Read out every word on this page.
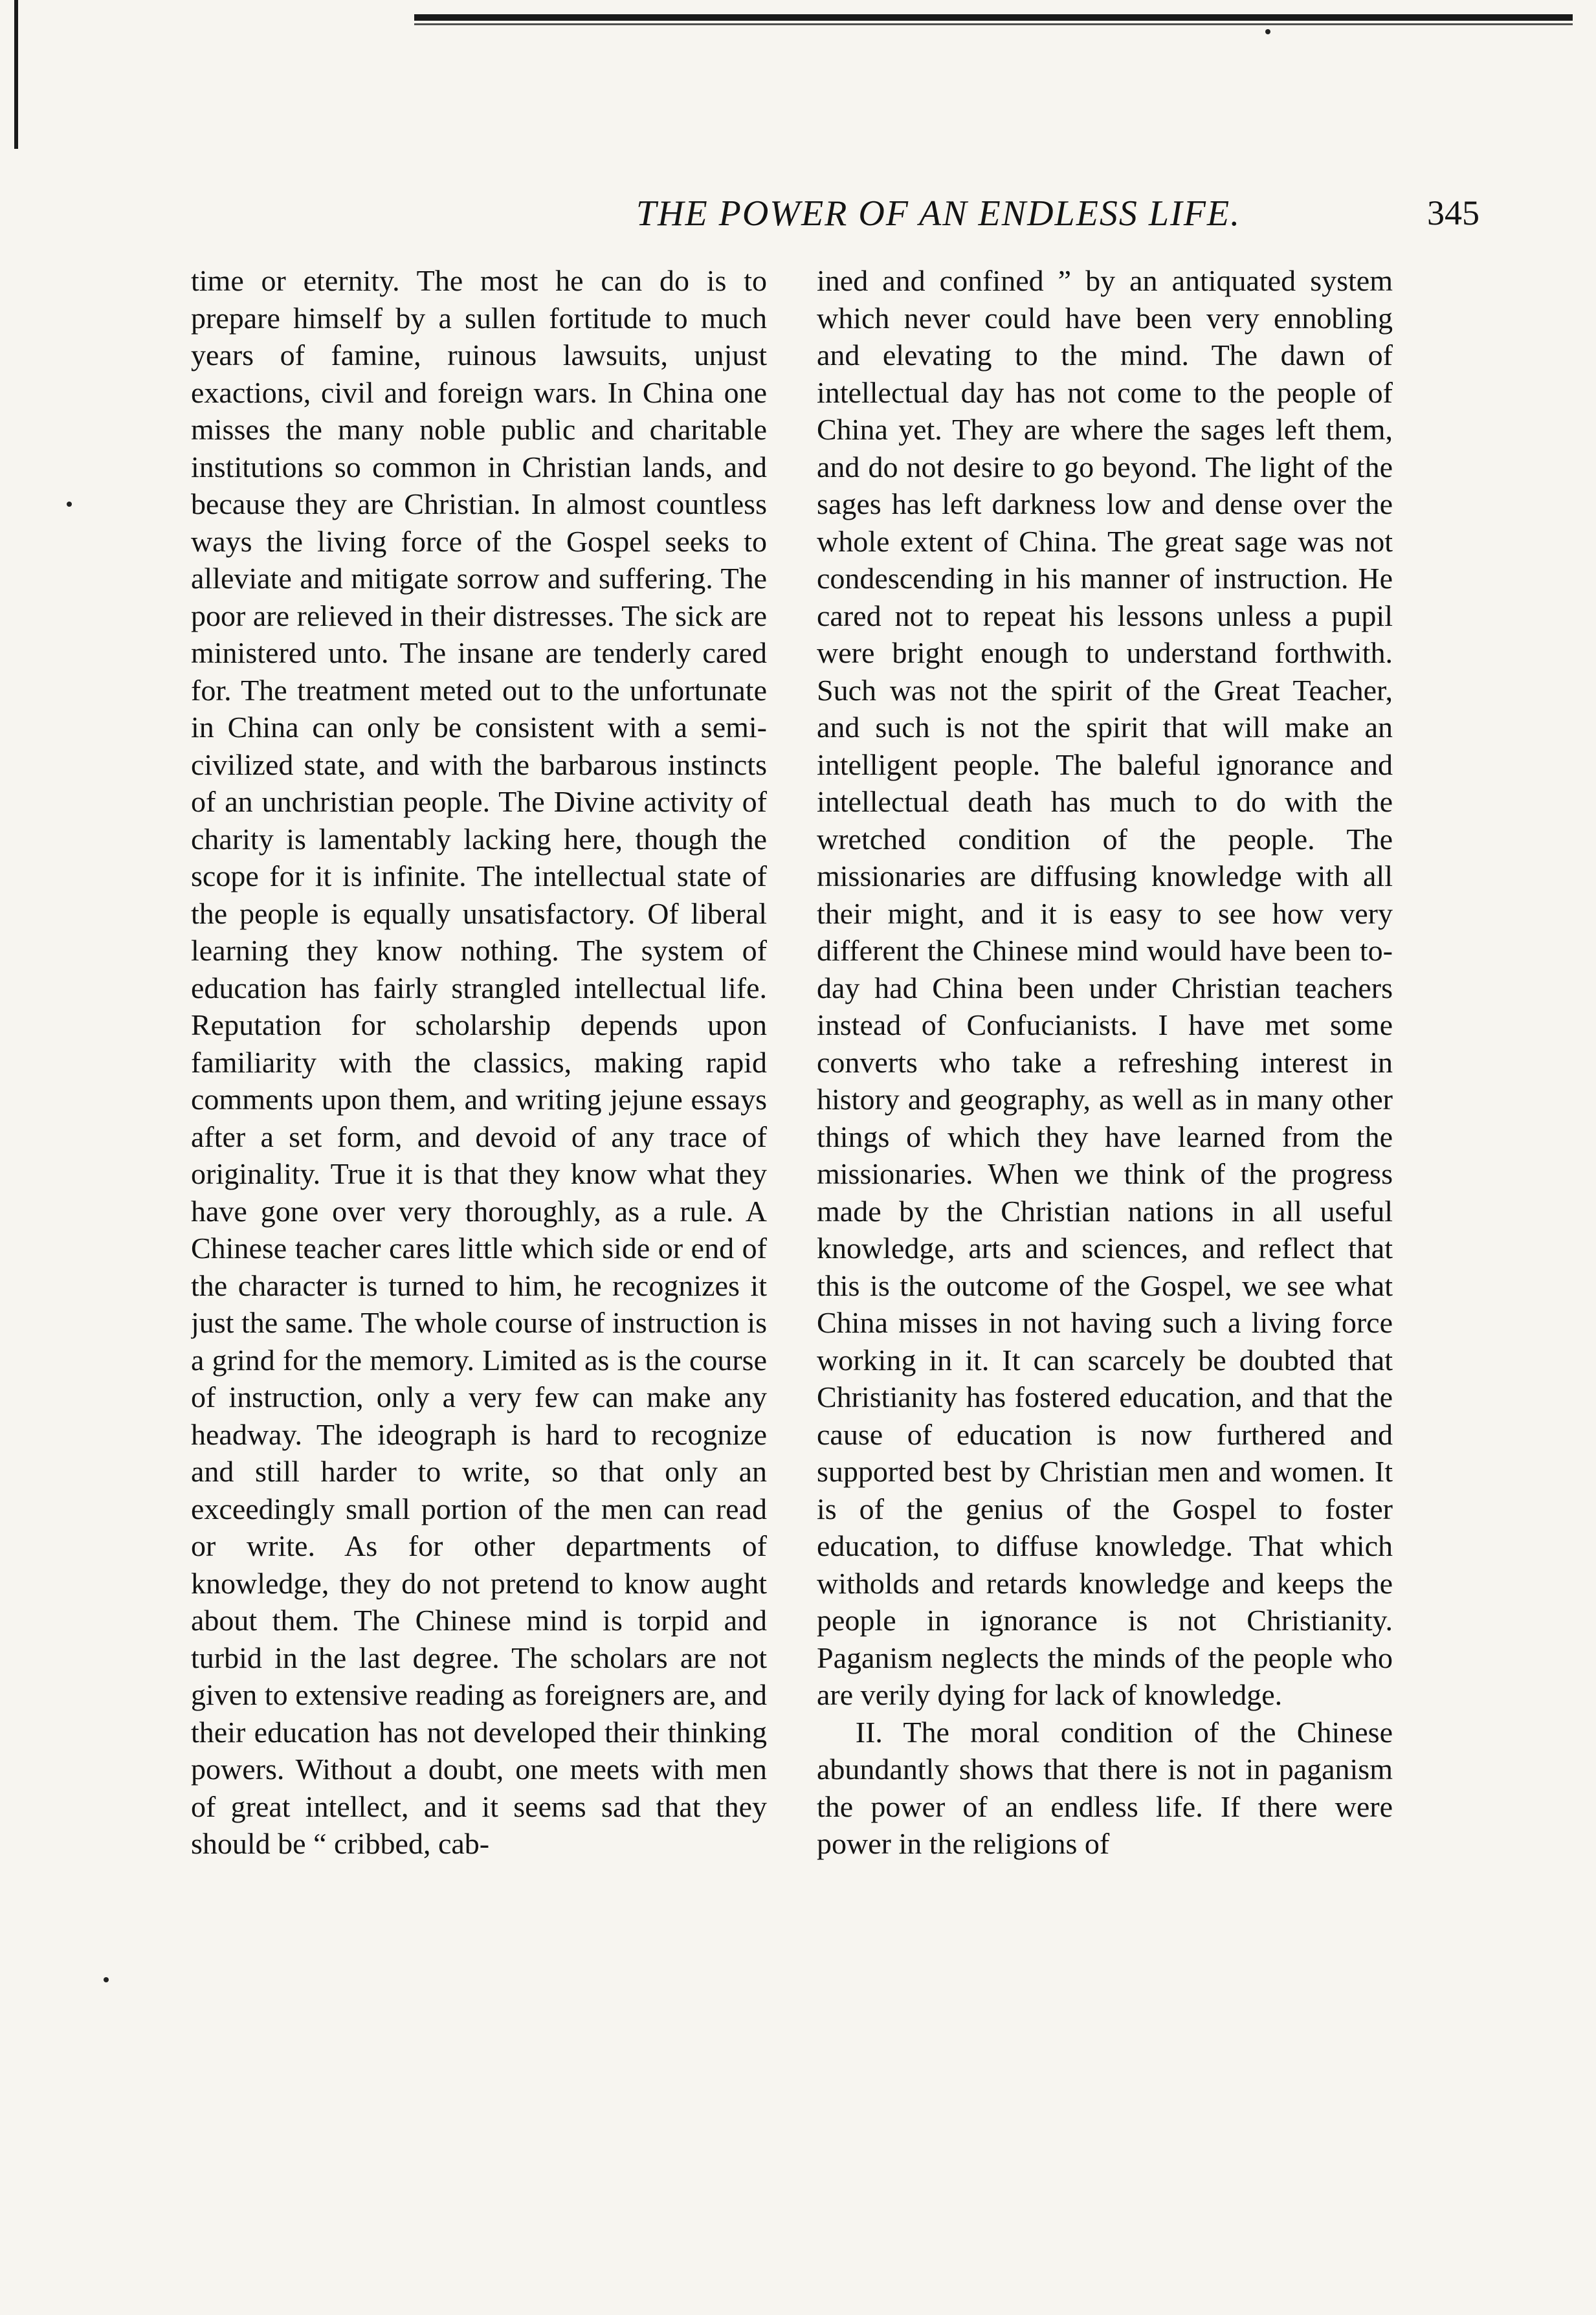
THE POWER OF AN ENDLESS LIFE.	345

time or eternity. The most he can do is to prepare himself by a sullen fortitude to much years of famine, ruinous lawsuits, unjust exactions, civil and foreign wars. In China one misses the many noble public and charitable institutions so common in Christian lands, and because they are Christian. In almost countless ways the living force of the Gospel seeks to alleviate and mitigate sorrow and suffering. The poor are relieved in their distresses. The sick are ministered unto. The insane are tenderly cared for. The treatment meted out to the unfortunate in China can only be consistent with a semi-civilized state, and with the barbarous instincts of an unchristian people. The Divine activity of charity is lamentably lacking here, though the scope for it is infinite. The intellectual state of the people is equally unsatisfactory. Of liberal learning they know nothing. The system of education has fairly strangled intellectual life. Reputation for scholarship depends upon familiarity with the classics, making rapid comments upon them, and writing jejune essays after a set form, and devoid of any trace of originality. True it is that they know what they have gone over very thoroughly, as a rule. A Chinese teacher cares little which side or end of the character is turned to him, he recognizes it just the same. The whole course of instruction is a grind for the memory. Limited as is the course of instruction, only a very few can make any headway. The ideograph is hard to recognize and still harder to write, so that only an exceedingly small portion of the men can read or write. As for other departments of knowledge, they do not pretend to know aught about them. The Chinese mind is torpid and turbid in the last degree. The scholars are not given to extensive reading as foreigners are, and their education has not developed their thinking powers. Without a doubt, one meets with men of great intellect, and it seems sad that they should be “ cribbed, cab-

ined and confined ” by an antiquated system which never could have been very ennobling and elevating to the mind. The dawn of intellectual day has not come to the people of China yet. They are where the sages left them, and do not desire to go beyond. The light of the sages has left darkness low and dense over the whole extent of China. The great sage was not condescending in his manner of instruction. He cared not to repeat his lessons unless a pupil were bright enough to understand forthwith. Such was not the spirit of the Great Teacher, and such is not the spirit that will make an intelligent people. The baleful ignorance and intellectual death has much to do with the wretched condition of the people. The missionaries are diffusing knowledge with all their might, and it is easy to see how very different the Chinese mind would have been to-day had China been under Christian teachers instead of Confucianists. I have met some converts who take a refreshing interest in history and geography, as well as in many other things of which they have learned from the missionaries. When we think of the progress made by the Christian nations in all useful knowledge, arts and sciences, and reflect that this is the outcome of the Gospel, we see what China misses in not having such a living force working in it. It can scarcely be doubted that Christianity has fostered education, and that the cause of education is now furthered and supported best by Christian men and women. It is of the genius of the Gospel to foster education, to diffuse knowledge. That which witholds and retards knowledge and keeps the people in ignorance is not Christianity. Paganism neglects the minds of the people who are verily dying for lack of knowledge.

II. The moral condition of the Chinese abundantly shows that there is not in paganism the power of an endless life. If there were power in the religions of
